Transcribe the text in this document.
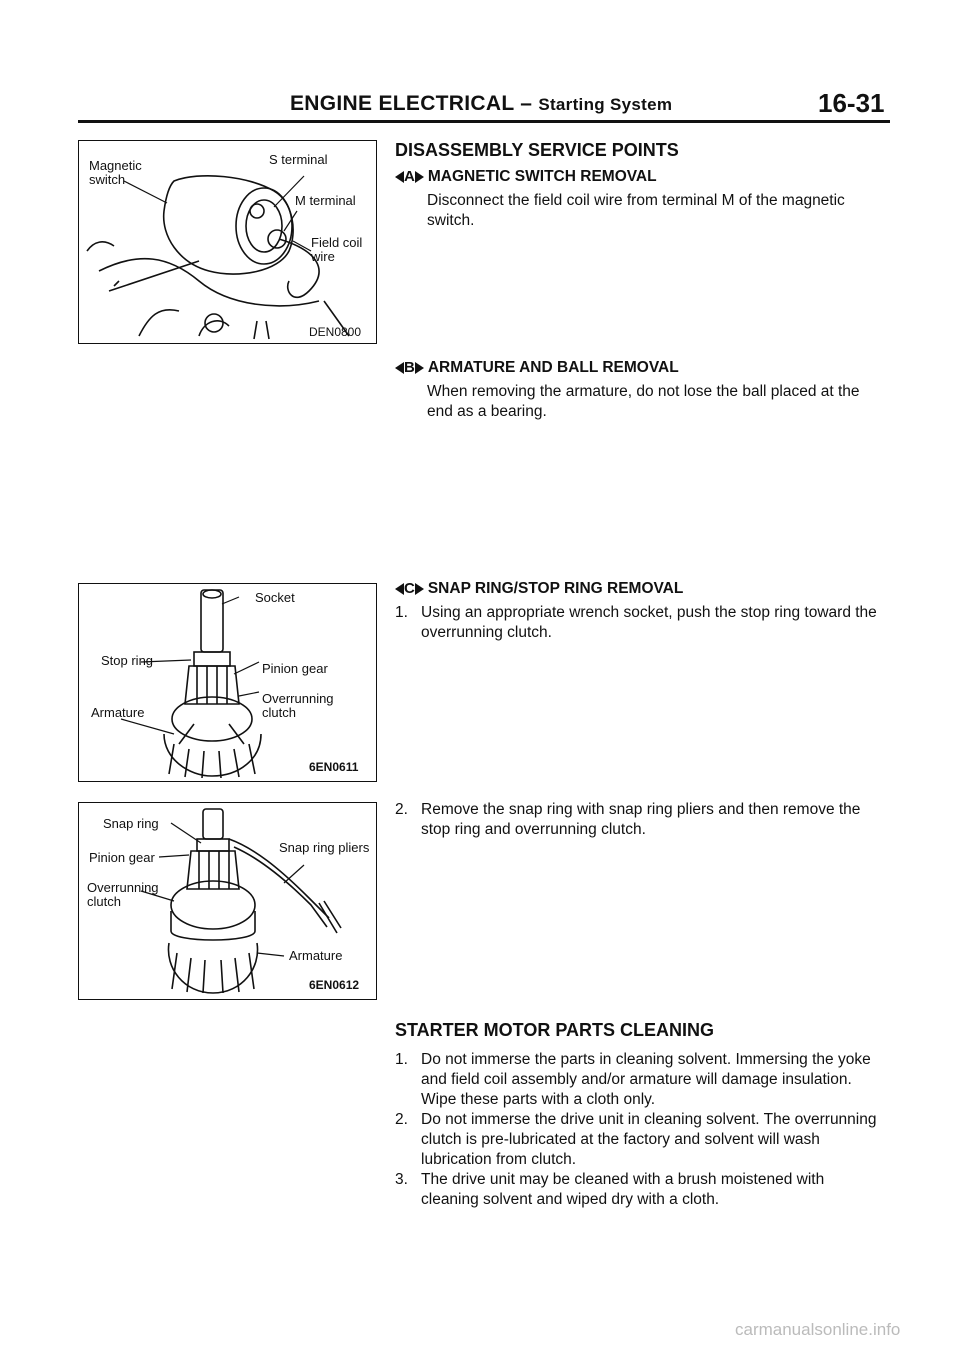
ENGINE ELECTRICAL – Starting System	16-31
Magnetic
switch
S terminal
M terminal
Field coil
wire
DEN0800
Socket
Stop ring
Pinion gear
Overrunning
clutch
Armature
6EN0611
Snap ring
Pinion gear
Overrunning
clutch
Snap ring pliers
Armature
6EN0612
DISASSEMBLY SERVICE POINTS
A MAGNETIC SWITCH REMOVAL
Disconnect the field coil wire from terminal M of the magnetic switch.
B ARMATURE AND BALL REMOVAL
When removing the armature, do not lose the ball placed at the end as a bearing.
C SNAP RING/STOP RING REMOVAL
1. Using an appropriate wrench socket, push the stop ring toward the overrunning clutch.
2. Remove the snap ring with snap ring pliers and then remove the stop ring and overrunning clutch.
STARTER MOTOR PARTS CLEANING
1. Do not immerse the parts in cleaning solvent. Immersing the yoke and field coil assembly and/or armature will damage insulation. Wipe these parts with a cloth only.
2. Do not immerse the drive unit in cleaning solvent. The overrunning clutch is pre-lubricated at the factory and solvent will wash lubrication from clutch.
3. The drive unit may be cleaned with a brush moistened with cleaning solvent and wiped dry with a cloth.
carmanualsonline.info
